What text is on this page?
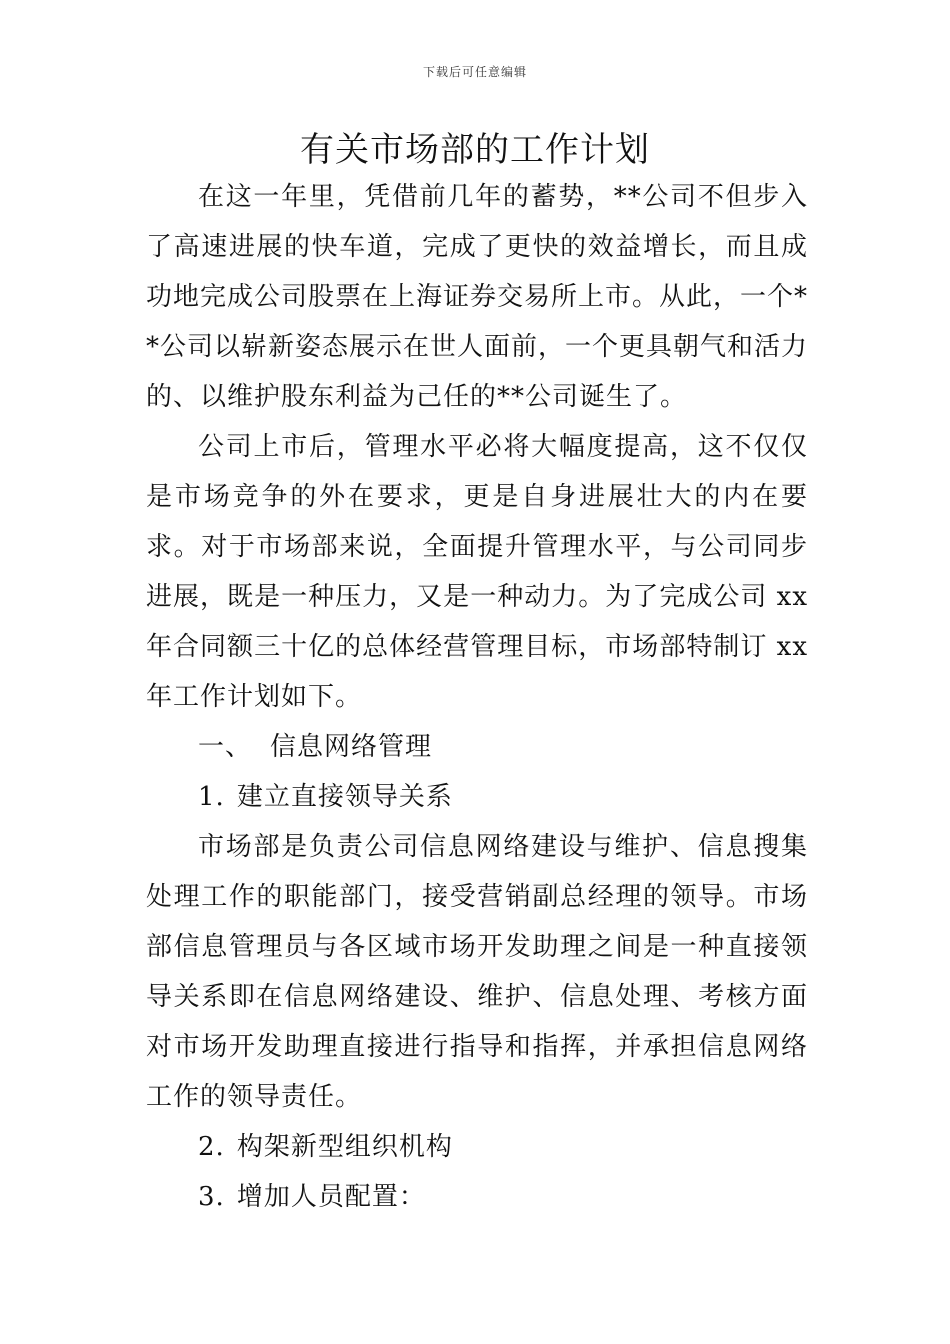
下载后可任意编辑
有关市场部的工作计划

在这一年里，凭借前几年的蓄势，**公司不但步入了高速进展的快车道，完成了更快的效益增长，而且成功地完成公司股票在上海证券交易所上市。从此，一个**公司以崭新姿态展示在世人面前，一个更具朝气和活力的、以维护股东利益为己任的**公司诞生了。

公司上市后，管理水平必将大幅度提高，这不仅仅是市场竞争的外在要求，更是自身进展壮大的内在要求。对于市场部来说，全面提升管理水平，与公司同步进展，既是一种压力，又是一种动力。为了完成公司 xx 年合同额三十亿的总体经营管理目标，市场部特制订 xx 年工作计划如下。

一、 信息网络管理

1. 建立直接领导关系

市场部是负责公司信息网络建设与维护、信息搜集处理工作的职能部门，接受营销副总经理的领导。市场部信息管理员与各区域市场开发助理之间是一种直接领导关系即在信息网络建设、维护、信息处理、考核方面对市场开发助理直接进行指导和指挥，并承担信息网络工作的领导责任。

2. 构架新型组织机构

3. 增加人员配置：
